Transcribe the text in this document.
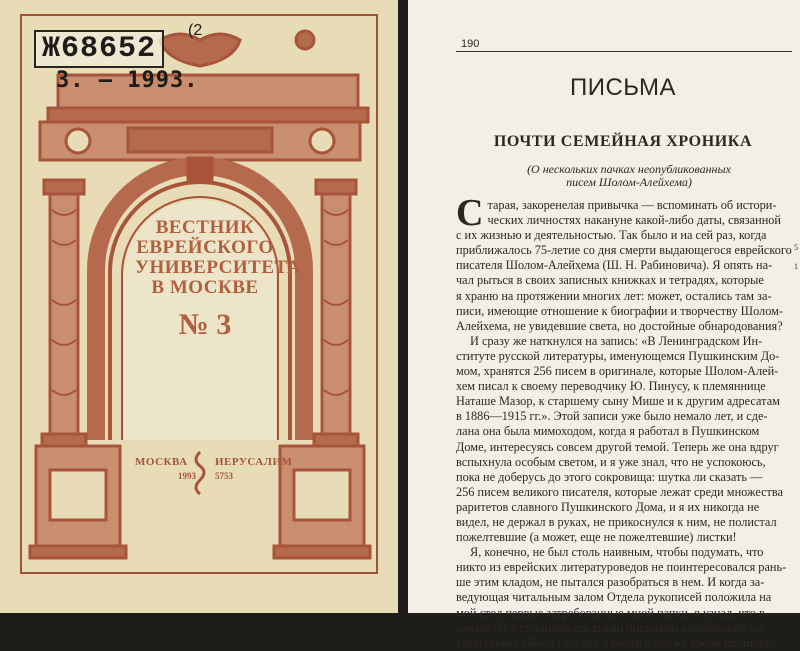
Ж68652
(2
3. – 1993.
ВЕСТНИК
ЕВРЕЙСКОГО
УНИВЕРСИТЕТА
В МОСКВЕ
№ 3
МОСКВА
1993
ИЕРУСАЛИМ
5753
190
ПИСЬМА
ПОЧТИ СЕМЕЙНАЯ ХРОНИКА
(О нескольких пачках неопубликованных
писем Шолом-Алейхема)
С тарая, закоренелая привычка — вспоминать об истори-
ческих личностях накануне какой-либо даты, связанной
с их жизнью и деятельностью. Так было и на сей раз, когда
приближалось 75-летие со дня смерти выдающегося еврейского
писателя Шолом-Алейхема (Ш. Н. Рабиновича). Я опять на-
чал рыться в своих записных книжках и тетрадях, которые
я храню на протяжении многих лет: может, остались там за-
писи, имеющие отношение к биографии и творчеству Шолом-
Алейхема, не увидевшие света, но достойные обнародования?
И сразу же наткнулся на запись: «В Ленинградском Ин-
ституте русской литературы, именующемся Пушкинским До-
мом, хранятся 256 писем в оригинале, которые Шолом-Алей-
хем писал к своему переводчику Ю. Пинусу, к племяннице
Наташе Мазор, к старшему сыну Мише и к другим адресатам
в 1886—1915 гг.». Этой записи уже было немало лет, и сде-
лана она была мимоходом, когда я работал в Пушкинском
Доме, интересуясь совсем другой темой. Теперь же она вдруг
вспыхнула особым светом, и я уже знал, что не успокоюсь,
пока не доберусь до этого сокровища: шутка ли сказать —
256 писем великого писателя, которые лежат среди множества
раритетов славного Пушкинского Дома, и я их никогда не
видел, не держал в руках, не прикоснулся к ним, не полистал
пожелтевшие (а может, еще не пожелтевшие) листки!
Я, конечно, не был столь наивным, чтобы подумать, что
никто из еврейских литературоведов не поинтересовался рань-
ше этим кладом, не пытался разобраться в нем. И когда за-
ведующая читальным залом Отдела рукописей положила на
мой стол первые затребованные мной папки, я узнал, что в
начале 60-х гг. занимался этими письмами харьковский ли-
тературовед Ойзер Гольдес и почти в это же время их листал
5
1
